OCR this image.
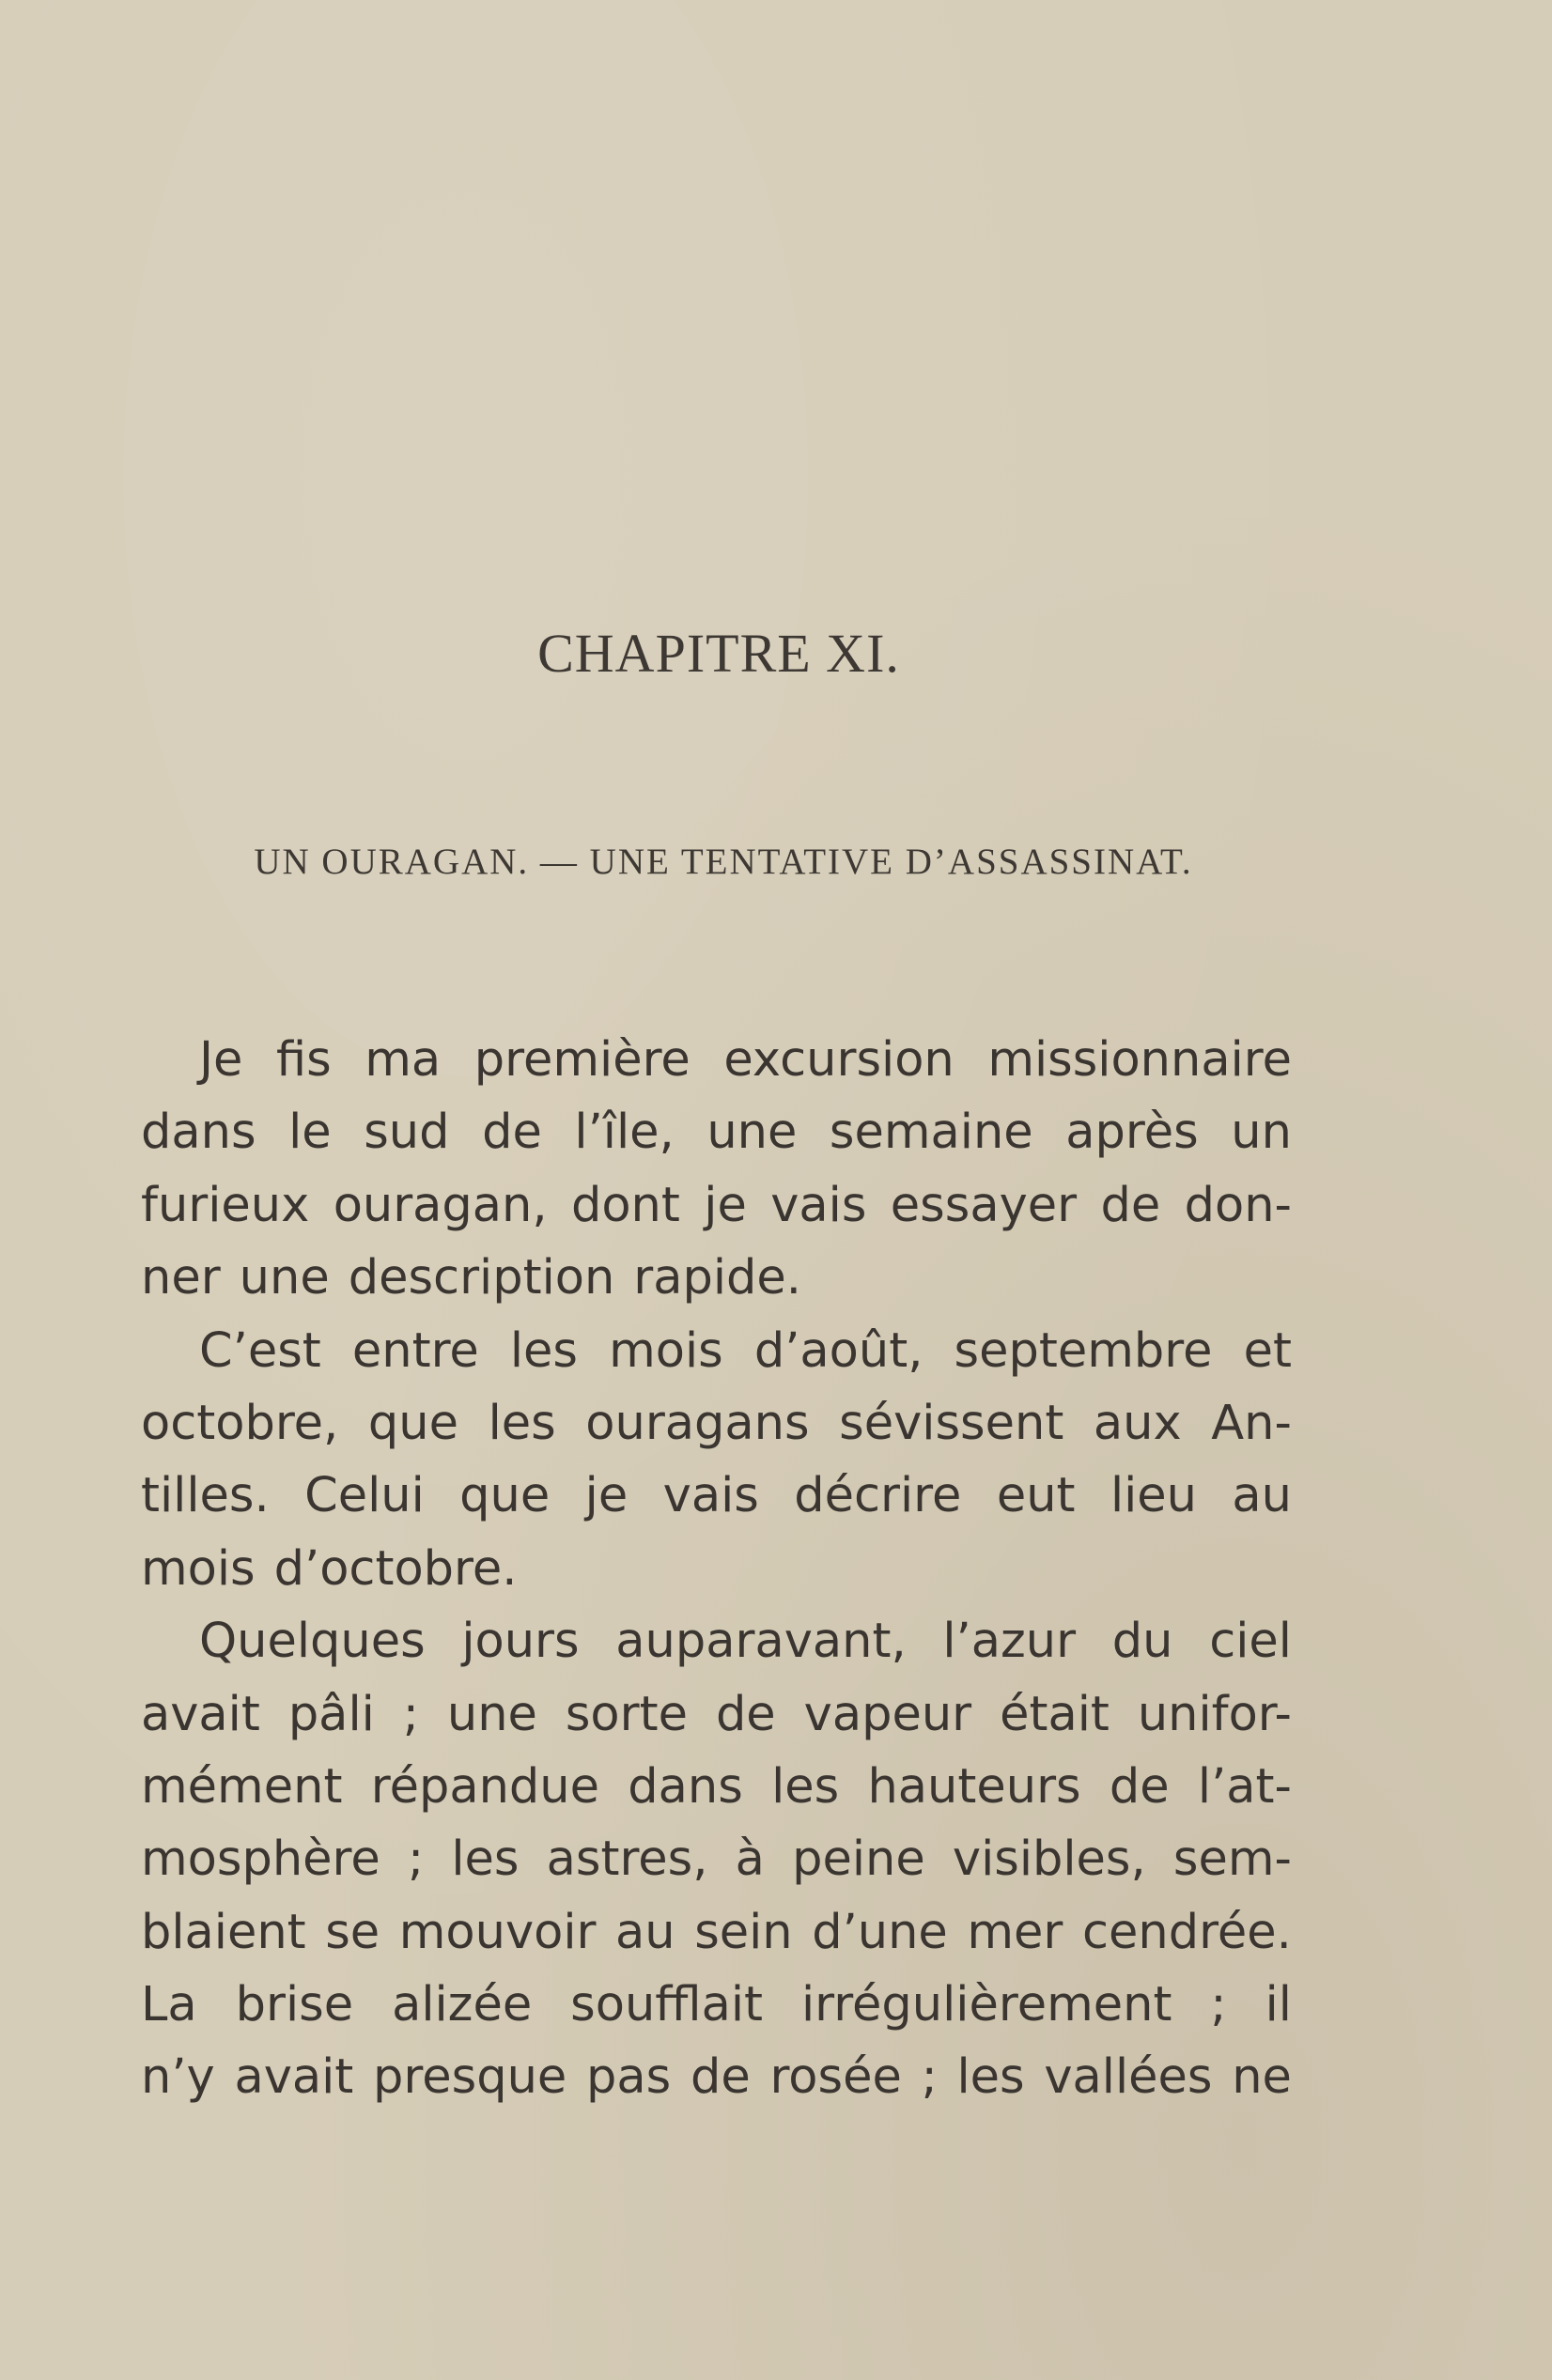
CHAPITRE XI.
UN OURAGAN. — UNE TENTATIVE D’ASSASSINAT.
Je fis ma première excursion missionnaire
dans le sud de l’île, une semaine après un
furieux ouragan, dont je vais essayer de don-
ner une description rapide.
C’est entre les mois d’août, septembre et
octobre, que les ouragans sévissent aux An-
tilles. Celui que je vais décrire eut lieu au
mois d’octobre.
Quelques jours auparavant, l’azur du ciel
avait pâli ; une sorte de vapeur était unifor-
mément répandue dans les hauteurs de l’at-
mosphère ; les astres, à peine visibles, sem-
blaient se mouvoir au sein d’une mer cendrée.
La brise alizée soufflait irrégulièrement ; il
n’y avait presque pas de rosée ; les vallées ne
